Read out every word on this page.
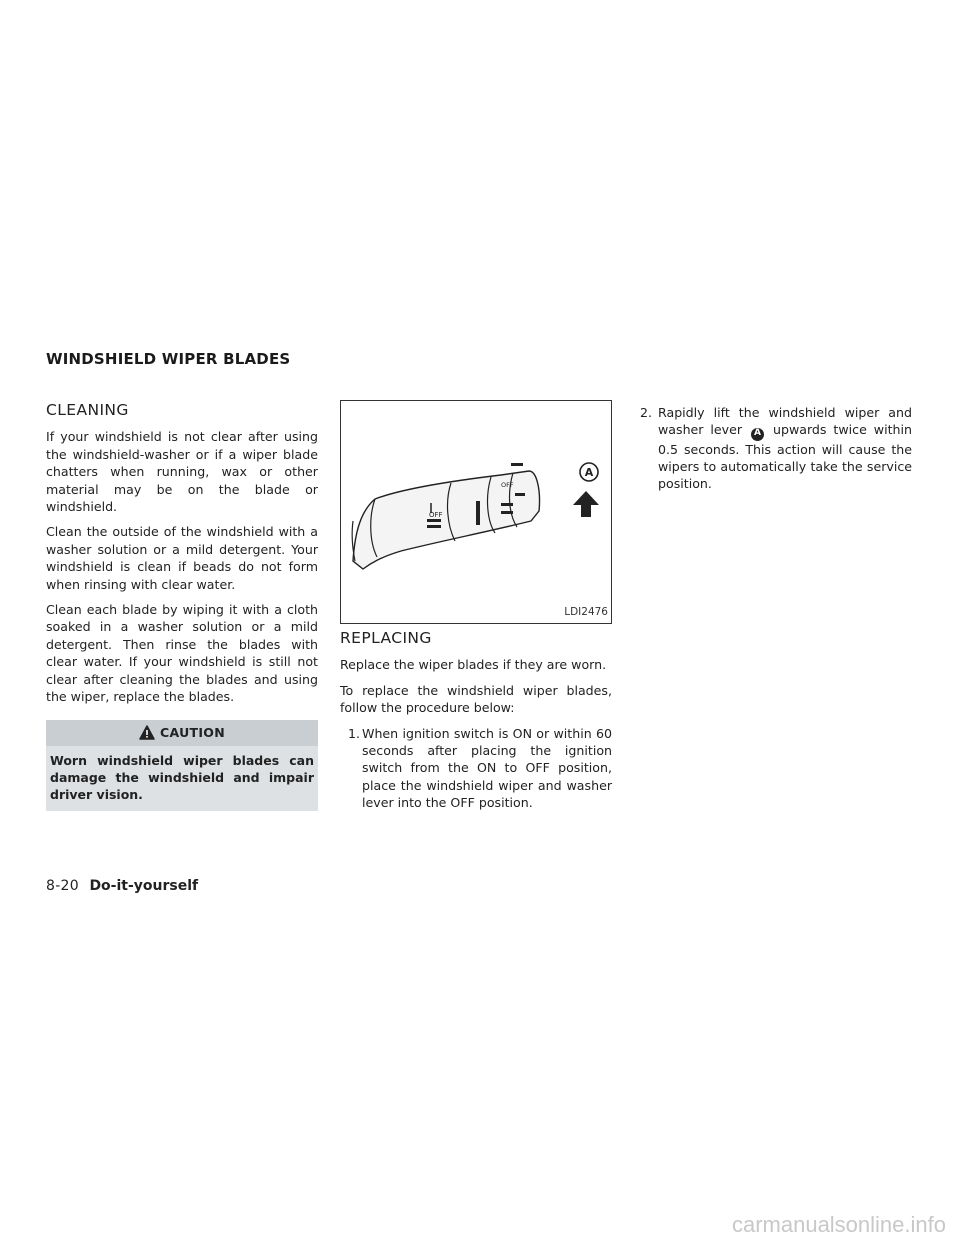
WINDSHIELD WIPER BLADES
CLEANING

If your windshield is not clear after using the windshield-washer or if a wiper blade chatters when running, wax or other material may be on the blade or windshield.

Clean the outside of the windshield with a washer solution or a mild detergent. Your windshield is clean if beads do not form when rinsing with clear water.

Clean each blade by wiping it with a cloth soaked in a washer solution or a mild detergent. Then rinse the blades with clear water. If your windshield is still not clear after cleaning the blades and using the wiper, replace the blades.

CAUTION
Worn windshield wiper blades can damage the windshield and impair driver vision.
OFF
OFF
A
LDI2476
REPLACING

Replace the wiper blades if they are worn.

To replace the windshield wiper blades, follow the procedure below:

1. When ignition switch is ON or within 60 seconds after placing the ignition switch from the ON to OFF position, place the windshield wiper and washer lever into the OFF position.
2. Rapidly lift the windshield wiper and washer lever A upwards twice within 0.5 seconds. This action will cause the wipers to automatically take the service position.
8-20 Do-it-yourself
carmanualsonline.info
